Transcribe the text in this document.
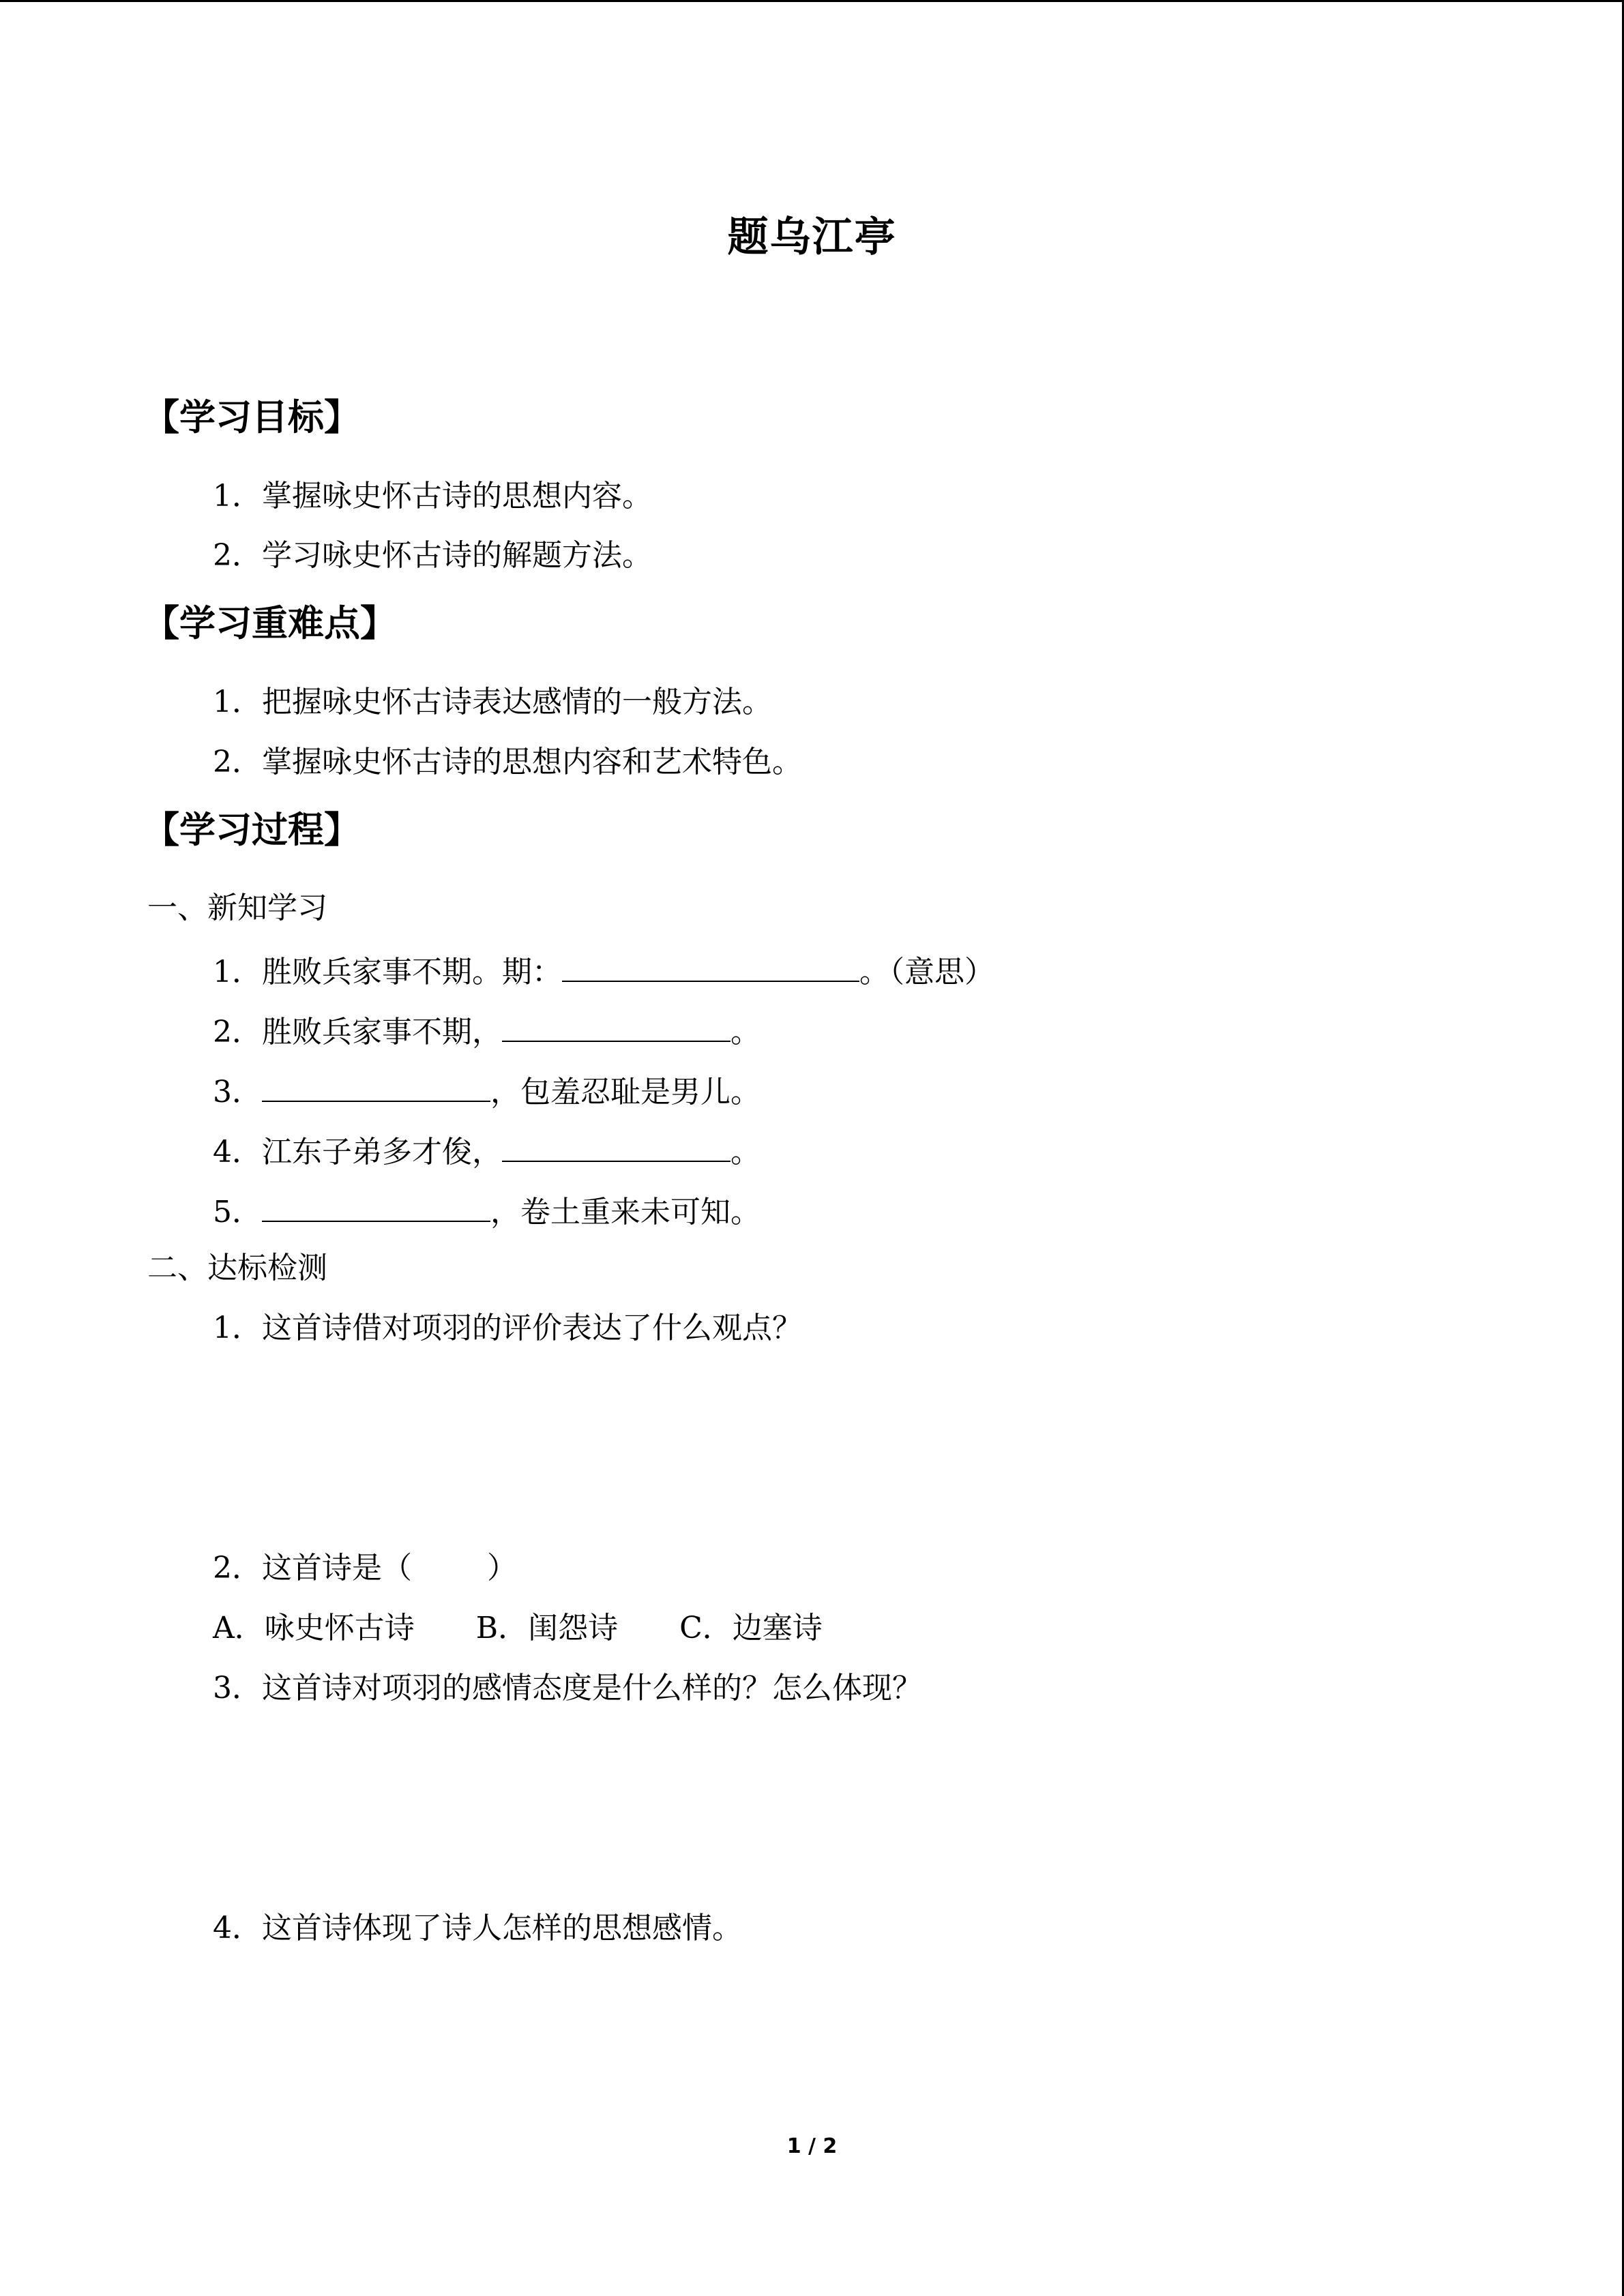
题乌江亭
【学习目标】
1．掌握咏史怀古诗的思想内容。
2．学习咏史怀古诗的解题方法。
【学习重难点】
1．把握咏史怀古诗表达感情的一般方法。
2．掌握咏史怀古诗的思想内容和艺术特色。
【学习过程】
一、新知学习
1．胜败兵家事不期。期：	。（意思）
2．胜败兵家事不期，	。
3．	，包羞忍耻是男儿。
4．江东子弟多才俊，	。
5．	，卷土重来未可知。
二、达标检测
1．这首诗借对项羽的评价表达了什么观点？
2．这首诗是（	）
A．咏史怀古诗 B．闺怨诗 C．边塞诗
3．这首诗对项羽的感情态度是什么样的？怎么体现？
4．这首诗体现了诗人怎样的思想感情。
1 / 2
